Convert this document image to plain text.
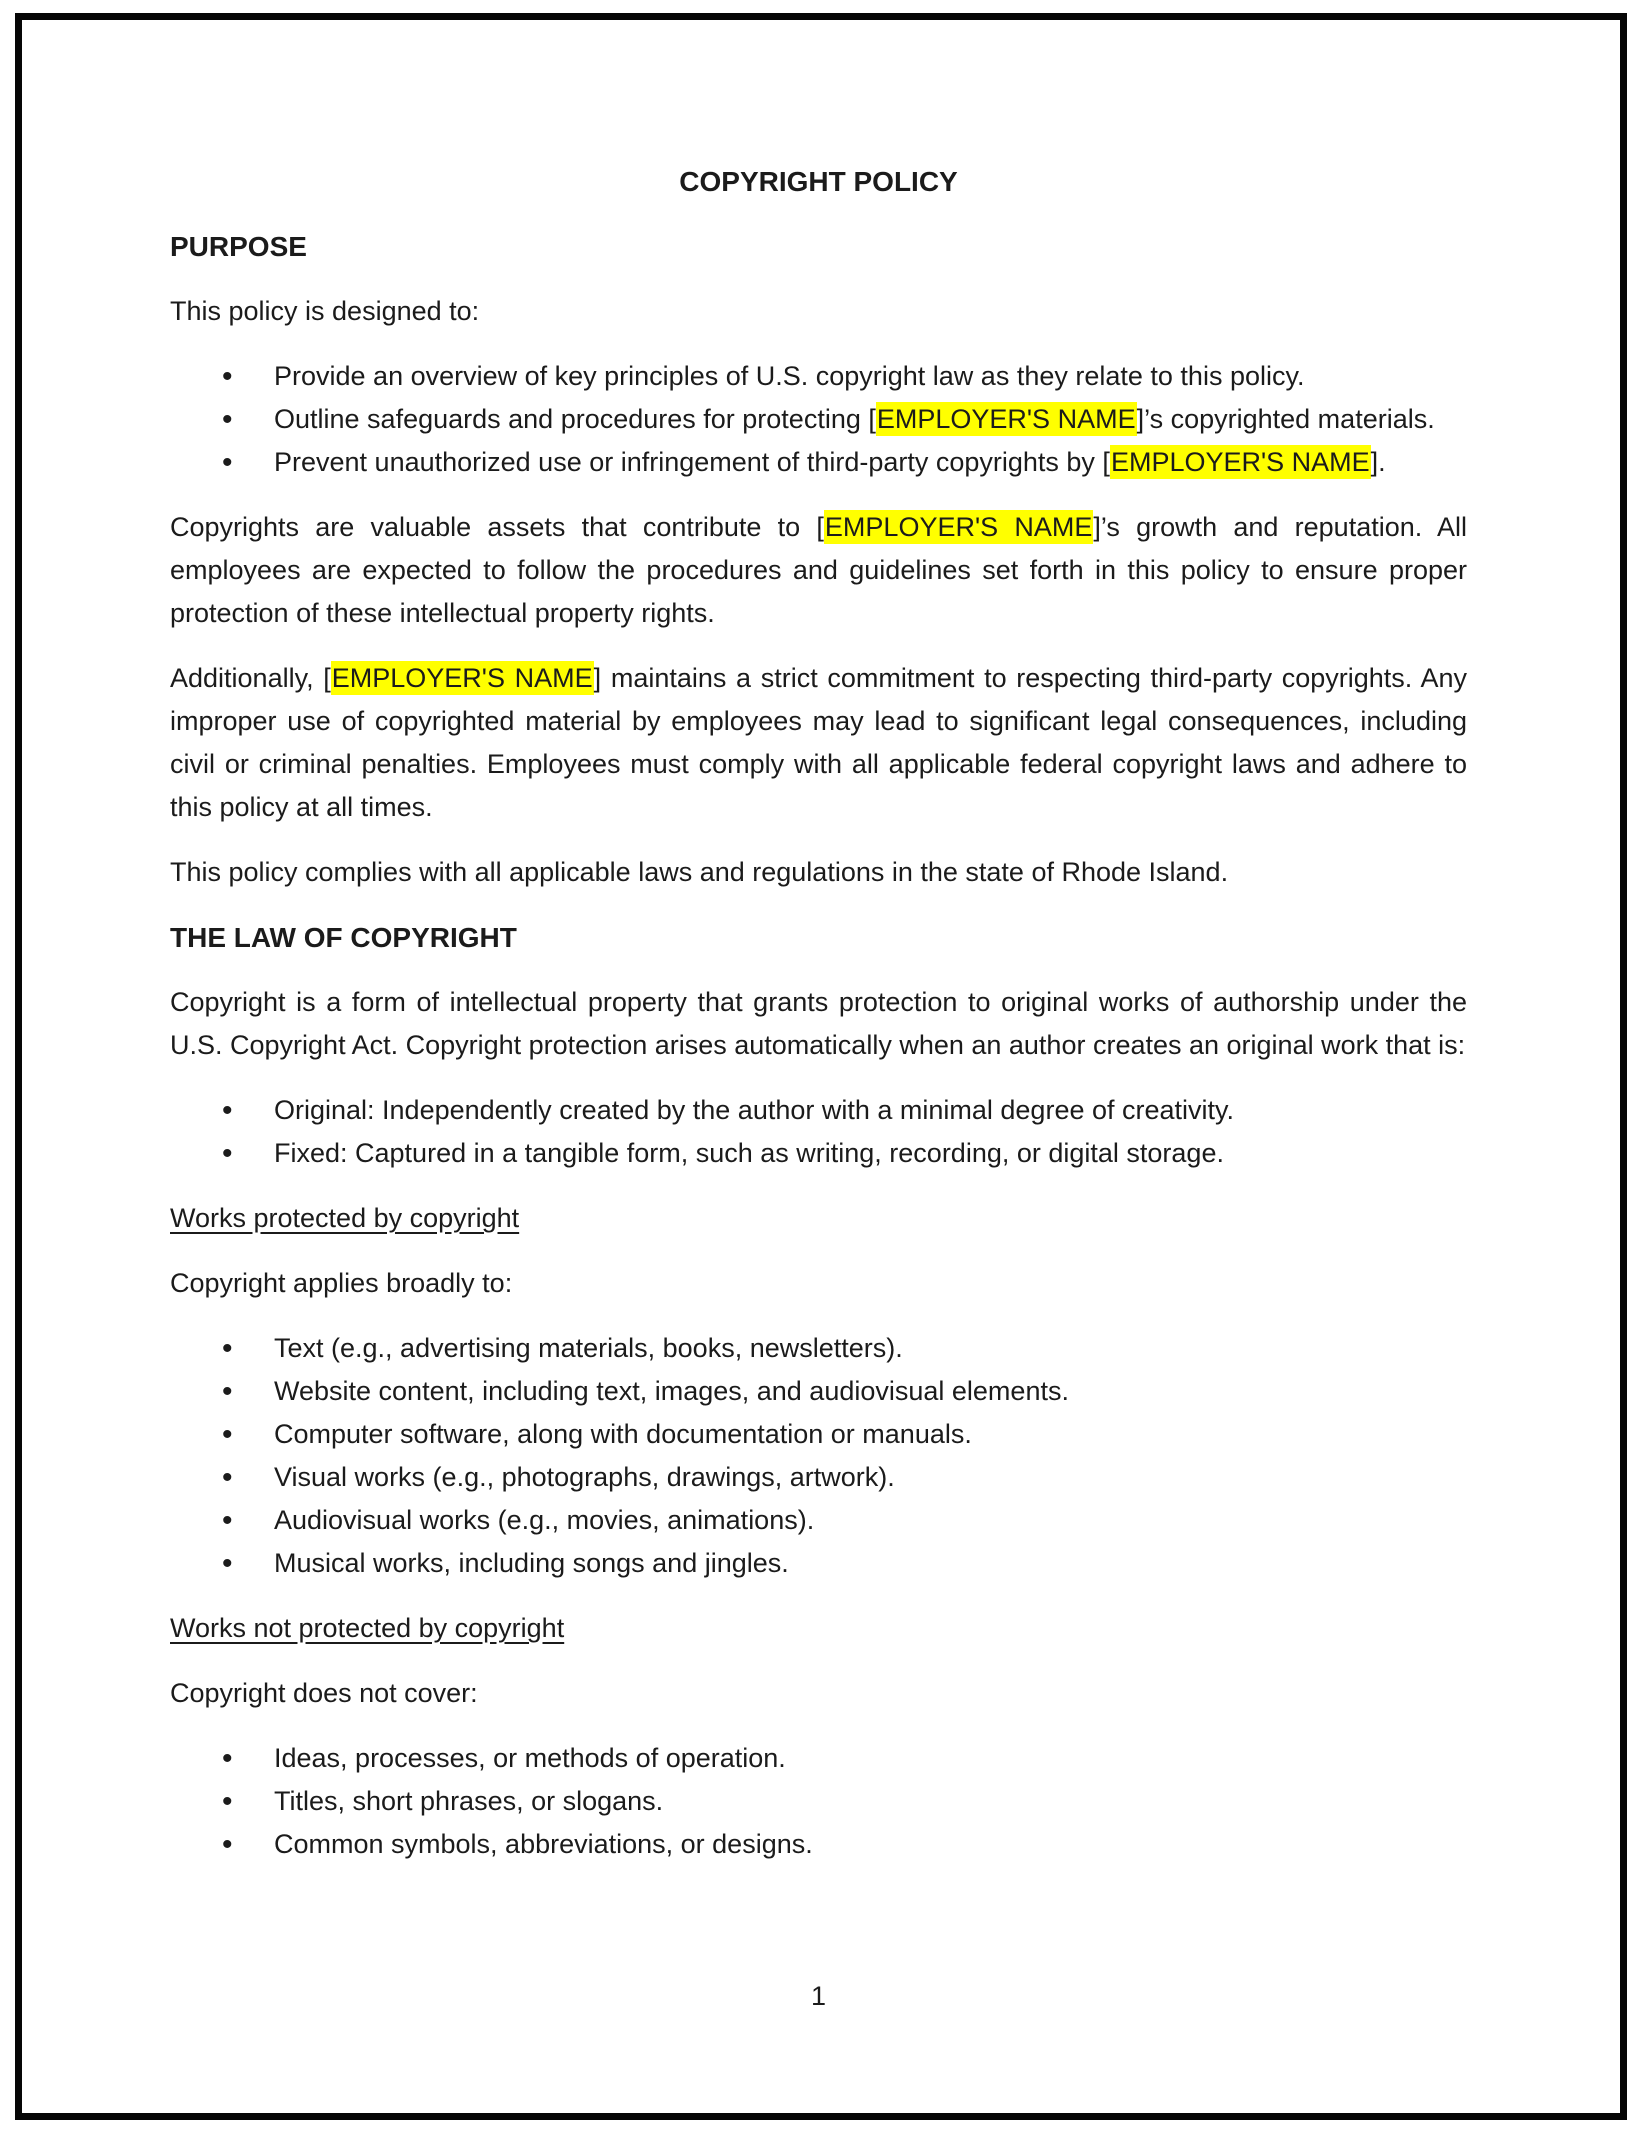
COPYRIGHT POLICY
PURPOSE

This policy is designed to:

• Provide an overview of key principles of U.S. copyright law as they relate to this policy.
• Outline safeguards and procedures for protecting [EMPLOYER'S NAME]’s copyrighted materials.
• Prevent unauthorized use or infringement of third-party copyrights by [EMPLOYER'S NAME].

Copyrights are valuable assets that contribute to [EMPLOYER'S NAME]’s growth and reputation. All employees are expected to follow the procedures and guidelines set forth in this policy to ensure proper protection of these intellectual property rights.

Additionally, [EMPLOYER'S NAME] maintains a strict commitment to respecting third-party copyrights. Any improper use of copyrighted material by employees may lead to significant legal consequences, including civil or criminal penalties. Employees must comply with all applicable federal copyright laws and adhere to this policy at all times.

This policy complies with all applicable laws and regulations in the state of Rhode Island.

THE LAW OF COPYRIGHT

Copyright is a form of intellectual property that grants protection to original works of authorship under the U.S. Copyright Act. Copyright protection arises automatically when an author creates an original work that is:

• Original: Independently created by the author with a minimal degree of creativity.
• Fixed: Captured in a tangible form, such as writing, recording, or digital storage.
Works protected by copyright

Copyright applies broadly to:

• Text (e.g., advertising materials, books, newsletters).
• Website content, including text, images, and audiovisual elements.
• Computer software, along with documentation or manuals.
• Visual works (e.g., photographs, drawings, artwork).
• Audiovisual works (e.g., movies, animations).
• Musical works, including songs and jingles.
Works not protected by copyright

Copyright does not cover:

• Ideas, processes, or methods of operation.
• Titles, short phrases, or slogans.
• Common symbols, abbreviations, or designs.
1
